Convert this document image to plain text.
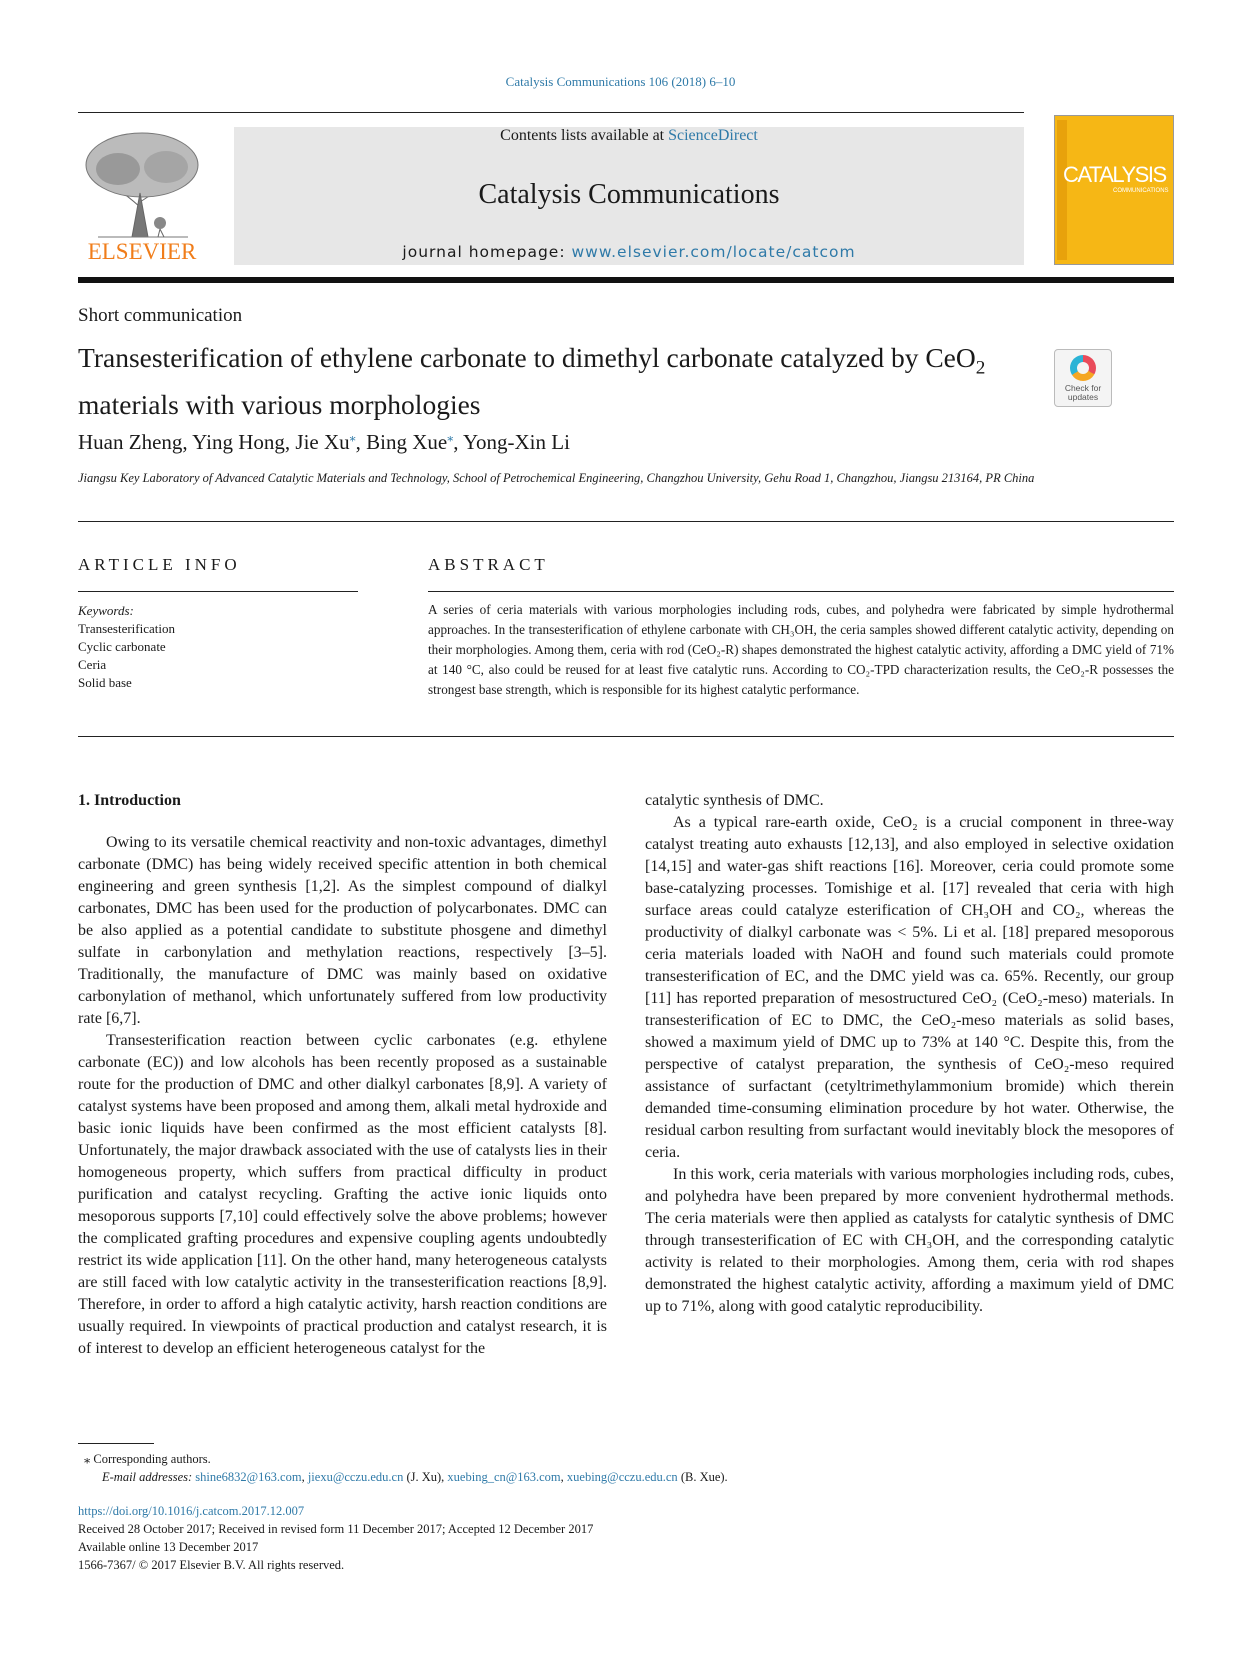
Catalysis Communications 106 (2018) 6–10
ELSEVIER
Contents lists available at ScienceDirect
Catalysis Communications
journal homepage: www.elsevier.com/locate/catcom
CATALYSIS
COMMUNICATIONS
Short communication
Transesterification of ethylene carbonate to dimethyl carbonate catalyzed by CeO$_2$ materials with various morphologies
Check for
updates
Huan Zheng, Ying Hong, Jie Xu⁎, Bing Xue⁎, Yong-Xin Li
Jiangsu Key Laboratory of Advanced Catalytic Materials and Technology, School of Petrochemical Engineering, Changzhou University, Gehu Road 1, Changzhou, Jiangsu 213164, PR China
ARTICLE INFO
Keywords:
Transesterification
Cyclic carbonate
Ceria
Solid base
ABSTRACT
A series of ceria materials with various morphologies including rods, cubes, and polyhedra were fabricated by simple hydrothermal approaches. In the transesterification of ethylene carbonate with CH₃OH, the ceria samples showed different catalytic activity, depending on their morphologies. Among them, ceria with rod (CeO₂-R) shapes demonstrated the highest catalytic activity, affording a DMC yield of 71% at 140 °C, also could be reused for at least five catalytic runs. According to CO₂-TPD characterization results, the CeO₂-R possesses the strongest base strength, which is responsible for its highest catalytic performance.

1. Introduction

Owing to its versatile chemical reactivity and non-toxic advantages, dimethyl carbonate (DMC) has being widely received specific attention in both chemical engineering and green synthesis [1,2]. As the simplest compound of dialkyl carbonates, DMC has been used for the production of polycarbonates. DMC can be also applied as a potential candidate to substitute phosgene and dimethyl sulfate in carbonylation and methylation reactions, respectively [3–5]. Traditionally, the manufacture of DMC was mainly based on oxidative carbonylation of methanol, which unfortunately suffered from low productivity rate [6,7].

Transesterification reaction between cyclic carbonates (e.g. ethylene carbonate (EC)) and low alcohols has been recently proposed as a sustainable route for the production of DMC and other dialkyl carbonates [8,9]. A variety of catalyst systems have been proposed and among them, alkali metal hydroxide and basic ionic liquids have been confirmed as the most efficient catalysts [8]. Unfortunately, the major drawback associated with the use of catalysts lies in their homogeneous property, which suffers from practical difficulty in product purification and catalyst recycling. Grafting the active ionic liquids onto mesoporous supports [7,10] could effectively solve the above problems; however the complicated grafting procedures and expensive coupling agents undoubtedly restrict its wide application [11]. On the other hand, many heterogeneous catalysts are still faced with low catalytic activity in the transesterification reactions [8,9]. Therefore, in order to afford a high catalytic activity, harsh reaction conditions are usually required. In viewpoints of practical production and catalyst research, it is of interest to develop an efficient heterogeneous catalyst for the

catalytic synthesis of DMC.

As a typical rare-earth oxide, CeO₂ is a crucial component in three-way catalyst treating auto exhausts [12,13], and also employed in selective oxidation [14,15] and water-gas shift reactions [16]. Moreover, ceria could promote some base-catalyzing processes. Tomishige et al. [17] revealed that ceria with high surface areas could catalyze esterification of CH₃OH and CO₂, whereas the productivity of dialkyl carbonate was < 5%. Li et al. [18] prepared mesoporous ceria materials loaded with NaOH and found such materials could promote transesterification of EC, and the DMC yield was ca. 65%. Recently, our group [11] has reported preparation of mesostructured CeO₂ (CeO₂-meso) materials. In transesterification of EC to DMC, the CeO₂-meso materials as solid bases, showed a maximum yield of DMC up to 73% at 140 °C. Despite this, from the perspective of catalyst preparation, the synthesis of CeO₂-meso required assistance of surfactant (cetyltrimethylammonium bromide) which therein demanded time-consuming elimination procedure by hot water. Otherwise, the residual carbon resulting from surfactant would inevitably block the mesopores of ceria.

In this work, ceria materials with various morphologies including rods, cubes, and polyhedra have been prepared by more convenient hydrothermal methods. The ceria materials were then applied as catalysts for catalytic synthesis of DMC through transesterification of EC with CH₃OH, and the corresponding catalytic activity is related to their morphologies. Among them, ceria with rod shapes demonstrated the highest catalytic activity, affording a maximum yield of DMC up to 71%, along with good catalytic reproducibility.

⁎ Corresponding authors.
E-mail addresses: shine6832@163.com, jiexu@cczu.edu.cn (J. Xu), xuebing_cn@163.com, xuebing@cczu.edu.cn (B. Xue).
https://doi.org/10.1016/j.catcom.2017.12.007
Received 28 October 2017; Received in revised form 11 December 2017; Accepted 12 December 2017
Available online 13 December 2017
1566-7367/ © 2017 Elsevier B.V. All rights reserved.
